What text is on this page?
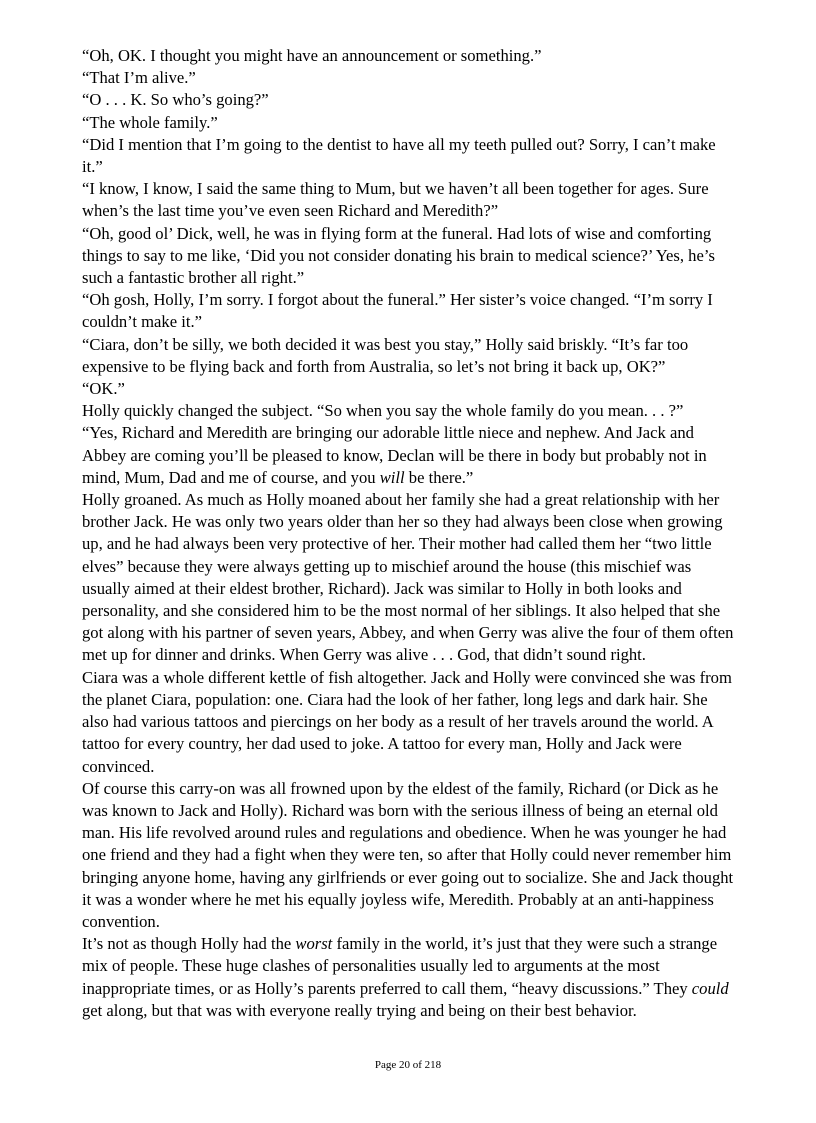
“Oh, OK. I thought you might have an announcement or something.”

“That I’m alive.”

“O . . . K. So who’s going?”

“The whole family.”

“Did I mention that I’m going to the dentist to have all my teeth pulled out? Sorry, I can’t make it.”

“I know, I know, I said the same thing to Mum, but we haven’t all been together for ages. Sure when’s the last time you’ve even seen Richard and Meredith?”

“Oh, good ol’ Dick, well, he was in flying form at the funeral. Had lots of wise and comforting things to say to me like, ‘Did you not consider donating his brain to medical science?’ Yes, he’s such a fantastic brother all right.”

“Oh gosh, Holly, I’m sorry. I forgot about the funeral.” Her sister’s voice changed. “I’m sorry I couldn’t make it.”

“Ciara, don’t be silly, we both decided it was best you stay,” Holly said briskly. “It’s far too expensive to be flying back and forth from Australia, so let’s not bring it back up, OK?”

“OK.”

Holly quickly changed the subject. “So when you say the whole family do you mean. . . ?”

“Yes, Richard and Meredith are bringing our adorable little niece and nephew. And Jack and Abbey are coming you’ll be pleased to know, Declan will be there in body but probably not in mind, Mum, Dad and me of course, and you will be there.”

Holly groaned. As much as Holly moaned about her family she had a great relationship with her brother Jack. He was only two years older than her so they had always been close when growing up, and he had always been very protective of her. Their mother had called them her “two little elves” because they were always getting up to mischief around the house (this mischief was usually aimed at their eldest brother, Richard). Jack was similar to Holly in both looks and personality, and she considered him to be the most normal of her siblings. It also helped that she got along with his partner of seven years, Abbey, and when Gerry was alive the four of them often met up for dinner and drinks. When Gerry was alive . . . God, that didn’t sound right.

Ciara was a whole different kettle of fish altogether. Jack and Holly were convinced she was from the planet Ciara, population: one. Ciara had the look of her father, long legs and dark hair. She also had various tattoos and piercings on her body as a result of her travels around the world. A tattoo for every country, her dad used to joke. A tattoo for every man, Holly and Jack were convinced.

Of course this carry-on was all frowned upon by the eldest of the family, Richard (or Dick as he was known to Jack and Holly). Richard was born with the serious illness of being an eternal old man. His life revolved around rules and regulations and obedience. When he was younger he had one friend and they had a fight when they were ten, so after that Holly could never remember him bringing anyone home, having any girlfriends or ever going out to socialize. She and Jack thought it was a wonder where he met his equally joyless wife, Meredith. Probably at an anti-happiness convention.

It’s not as though Holly had the worst family in the world, it’s just that they were such a strange mix of people. These huge clashes of personalities usually led to arguments at the most inappropriate times, or as Holly’s parents preferred to call them, “heavy discussions.” They could get along, but that was with everyone really trying and being on their best behavior.

Page 20 of 218
